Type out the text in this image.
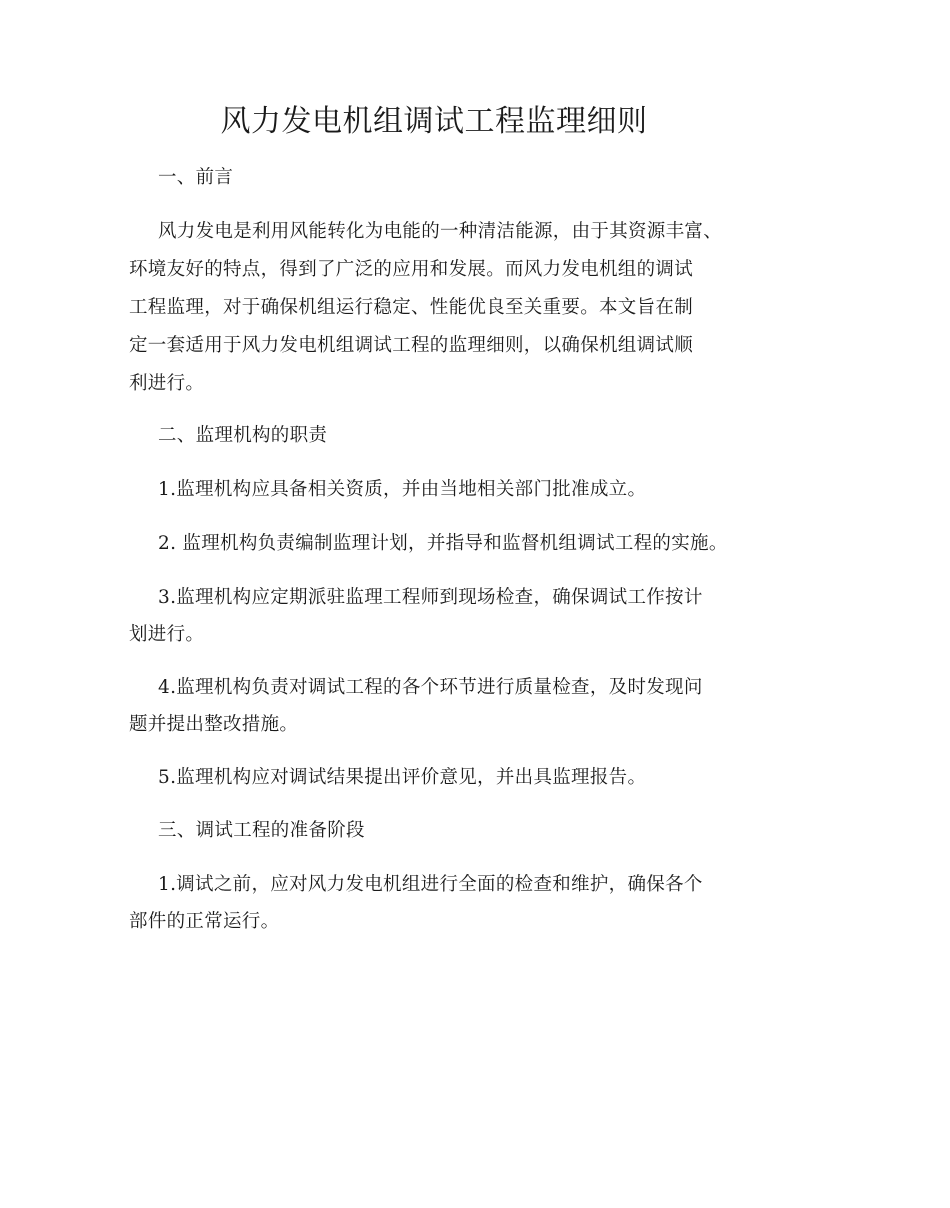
风力发电机组调试工程监理细则
一、前言
风力发电是利用风能转化为电能的一种清洁能源，由于其资源丰富、
环境友好的特点，得到了广泛的应用和发展。而风力发电机组的调试
工程监理，对于确保机组运行稳定、性能优良至关重要。本文旨在制
定一套适用于风力发电机组调试工程的监理细则，以确保机组调试顺
利进行。
二、监理机构的职责
1.监理机构应具备相关资质，并由当地相关部门批准成立。
2. 监理机构负责编制监理计划，并指导和监督机组调试工程的实施。
3.监理机构应定期派驻监理工程师到现场检查，确保调试工作按计
划进行。
4.监理机构负责对调试工程的各个环节进行质量检查，及时发现问
题并提出整改措施。
5.监理机构应对调试结果提出评价意见，并出具监理报告。
三、调试工程的准备阶段
1.调试之前，应对风力发电机组进行全面的检查和维护，确保各个
部件的正常运行。
